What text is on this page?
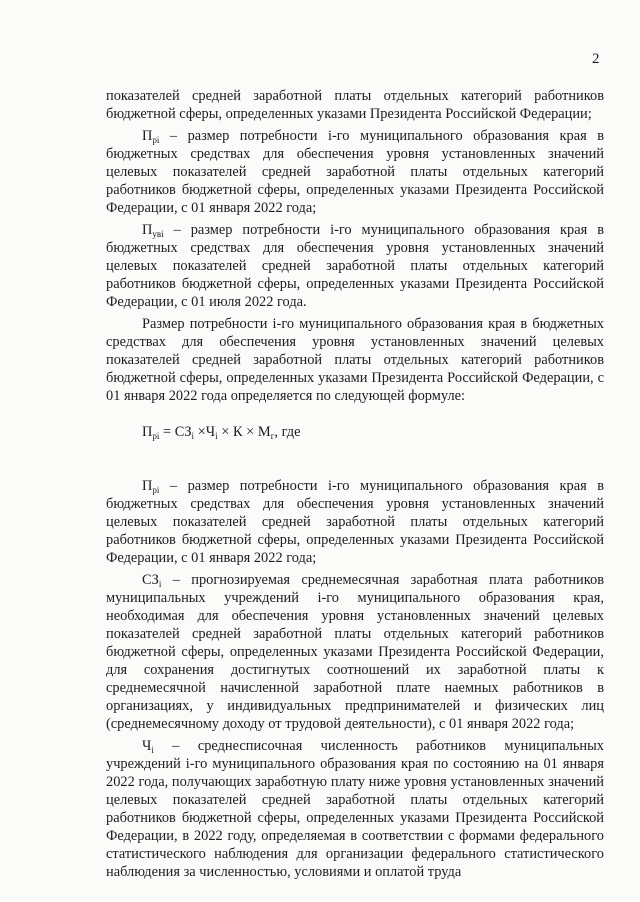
2

показателей средней заработной платы отдельных категорий работников бюджетной сферы, определенных указами Президента Российской Федерации;

$П_{pi}$ – размер потребности i-го муниципального образования края в бюджетных средствах для обеспечения уровня установленных значений целевых показателей средней заработной платы отдельных категорий работников бюджетной сферы, определенных указами Президента Российской Федерации, с 01 января 2022 года;

$П_{уві}$ – размер потребности i-го муниципального образования края в бюджетных средствах для обеспечения уровня установленных значений целевых показателей средней заработной платы отдельных категорий работников бюджетной сферы, определенных указами Президента Российской Федерации, с 01 июля 2022 года.

Размер потребности i-го муниципального образования края в бюджетных средствах для обеспечения уровня установленных значений целевых показателей средней заработной платы отдельных категорий работников бюджетной сферы, определенных указами Президента Российской Федерации, с 01 января 2022 года определяется по следующей формуле:

$П_{pi} = СЗ_i \times Ч_i \times К \times М_г$, где

$П_{pi}$ – размер потребности i-го муниципального образования края в бюджетных средствах для обеспечения уровня установленных значений целевых показателей средней заработной платы отдельных категорий работников бюджетной сферы, определенных указами Президента Российской Федерации, с 01 января 2022 года;

$СЗ_i$ – прогнозируемая среднемесячная заработная плата работников муниципальных учреждений i-го муниципального образования края, необходимая для обеспечения уровня установленных значений целевых показателей средней заработной платы отдельных категорий работников бюджетной сферы, определенных указами Президента Российской Федерации, для сохранения достигнутых соотношений их заработной платы к среднемесячной начисленной заработной плате наемных работников в организациях, у индивидуальных предпринимателей и физических лиц (среднемесячному доходу от трудовой деятельности), с 01 января 2022 года;

$Ч_i$ – среднесписочная численность работников муниципальных учреждений i-го муниципального образования края по состоянию на 01 января 2022 года, получающих заработную плату ниже уровня установленных значений целевых показателей средней заработной платы отдельных категорий работников бюджетной сферы, определенных указами Президента Российской Федерации, в 2022 году, определяемая в соответствии с формами федерального статистического наблюдения для организации федерального статистического наблюдения за численностью, условиями и оплатой труда
